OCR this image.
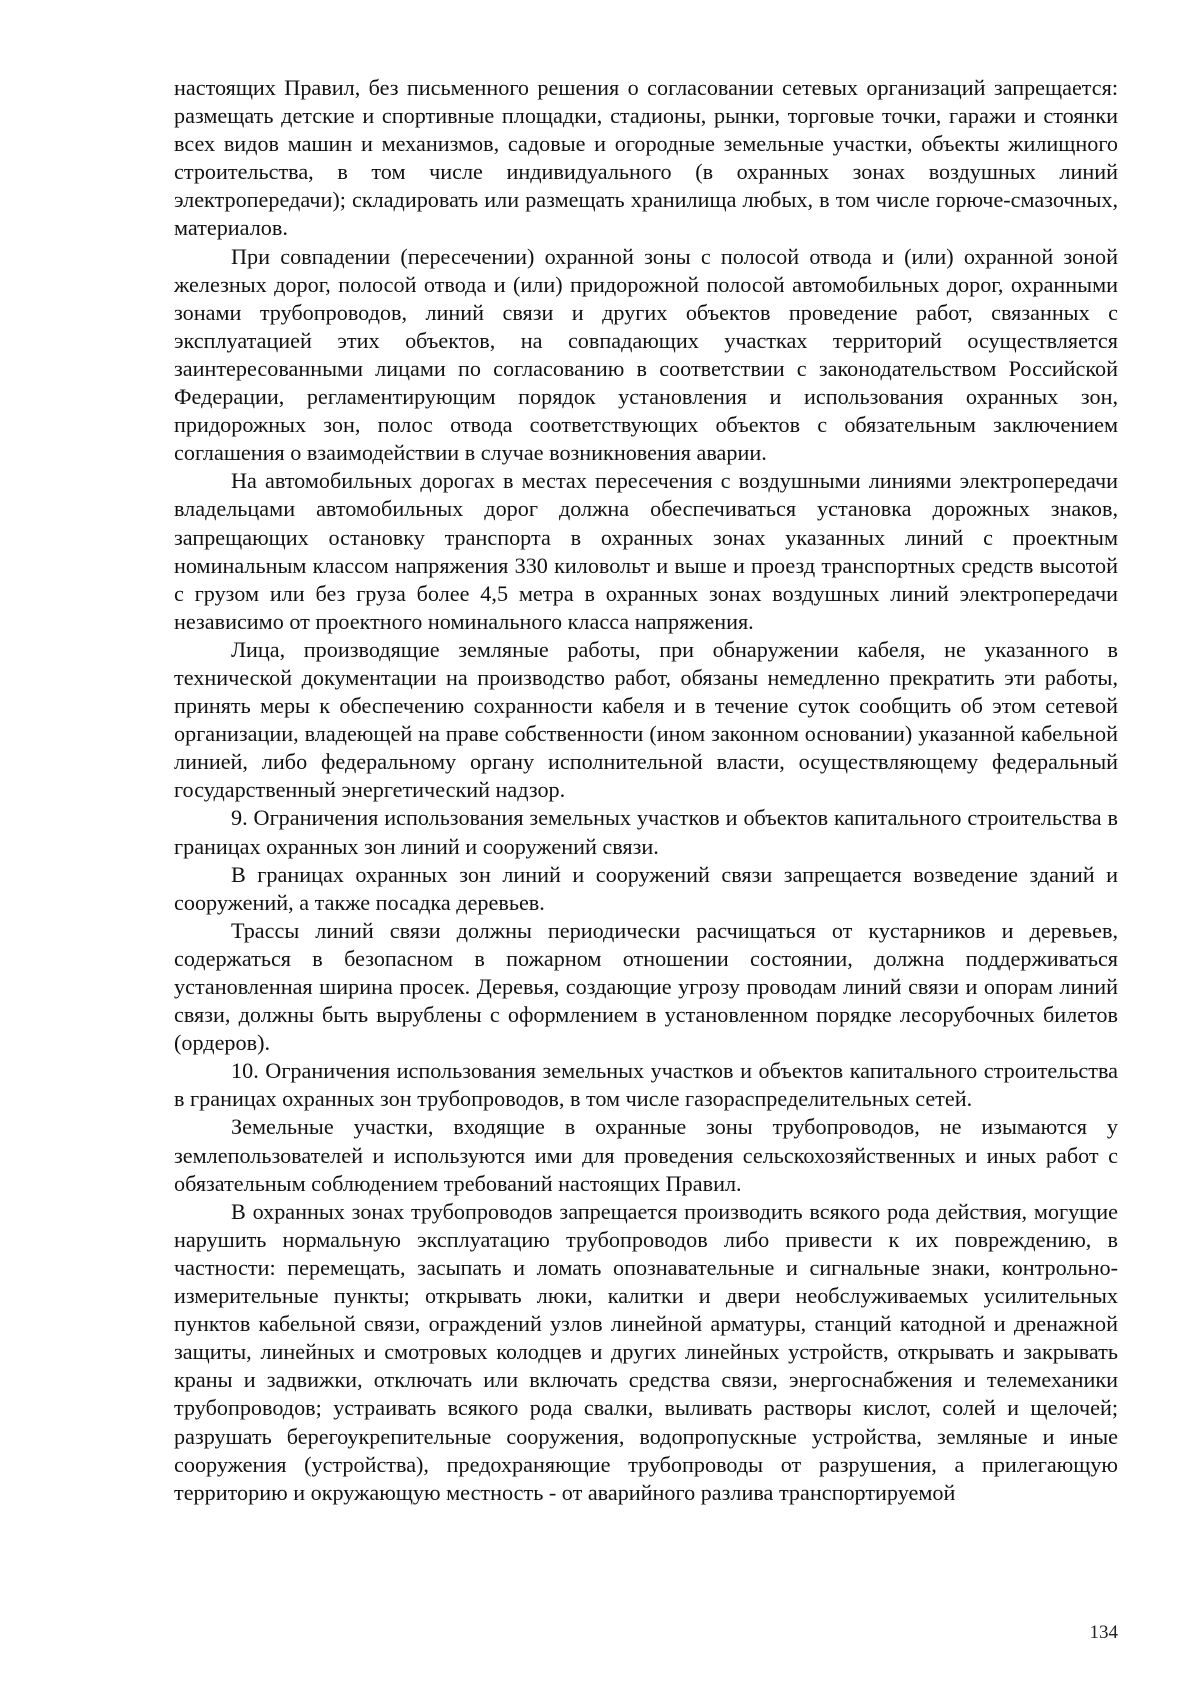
настоящих Правил, без письменного решения о согласовании сетевых организаций запрещается: размещать детские и спортивные площадки, стадионы, рынки, торговые точки, гаражи и стоянки всех видов машин и механизмов, садовые и огородные земельные участки, объекты жилищного строительства, в том числе индивидуального (в охранных зонах воздушных линий электропередачи); складировать или размещать хранилища любых, в том числе горюче-смазочных, материалов.

При совпадении (пересечении) охранной зоны с полосой отвода и (или) охранной зоной железных дорог, полосой отвода и (или) придорожной полосой автомобильных дорог, охранными зонами трубопроводов, линий связи и других объектов проведение работ, связанных с эксплуатацией этих объектов, на совпадающих участках территорий осуществляется заинтересованными лицами по согласованию в соответствии с законодательством Российской Федерации, регламентирующим порядок установления и использования охранных зон, придорожных зон, полос отвода соответствующих объектов с обязательным заключением соглашения о взаимодействии в случае возникновения аварии.

На автомобильных дорогах в местах пересечения с воздушными линиями электропередачи владельцами автомобильных дорог должна обеспечиваться установка дорожных знаков, запрещающих остановку транспорта в охранных зонах указанных линий с проектным номинальным классом напряжения 330 киловольт и выше и проезд транспортных средств высотой с грузом или без груза более 4,5 метра в охранных зонах воздушных линий электропередачи независимо от проектного номинального класса напряжения.

Лица, производящие земляные работы, при обнаружении кабеля, не указанного в технической документации на производство работ, обязаны немедленно прекратить эти работы, принять меры к обеспечению сохранности кабеля и в течение суток сообщить об этом сетевой организации, владеющей на праве собственности (ином законном основании) указанной кабельной линией, либо федеральному органу исполнительной власти, осуществляющему федеральный государственный энергетический надзор.

9. Ограничения использования земельных участков и объектов капитального строительства в границах охранных зон линий и сооружений связи.

В границах охранных зон линий и сооружений связи запрещается возведение зданий и сооружений, а также посадка деревьев.

Трассы линий связи должны периодически расчищаться от кустарников и деревьев, содержаться в безопасном в пожарном отношении состоянии, должна поддерживаться установленная ширина просек. Деревья, создающие угрозу проводам линий связи и опорам линий связи, должны быть вырублены с оформлением в установленном порядке лесорубочных билетов (ордеров).

10. Ограничения использования земельных участков и объектов капитального строительства в границах охранных зон трубопроводов, в том числе газораспределительных сетей.

Земельные участки, входящие в охранные зоны трубопроводов, не изымаются у землепользователей и используются ими для проведения сельскохозяйственных и иных работ с обязательным соблюдением требований настоящих Правил.

В охранных зонах трубопроводов запрещается производить всякого рода действия, могущие нарушить нормальную эксплуатацию трубопроводов либо привести к их повреждению, в частности: перемещать, засыпать и ломать опознавательные и сигнальные знаки, контрольно-измерительные пункты; открывать люки, калитки и двери необслуживаемых усилительных пунктов кабельной связи, ограждений узлов линейной арматуры, станций катодной и дренажной защиты, линейных и смотровых колодцев и других линейных устройств, открывать и закрывать краны и задвижки, отключать или включать средства связи, энергоснабжения и телемеханики трубопроводов; устраивать всякого рода свалки, выливать растворы кислот, солей и щелочей; разрушать берегоукрепительные сооружения, водопропускные устройства, земляные и иные сооружения (устройства), предохраняющие трубопроводы от разрушения, а прилегающую территорию и окружающую местность - от аварийного разлива транспортируемой

134
